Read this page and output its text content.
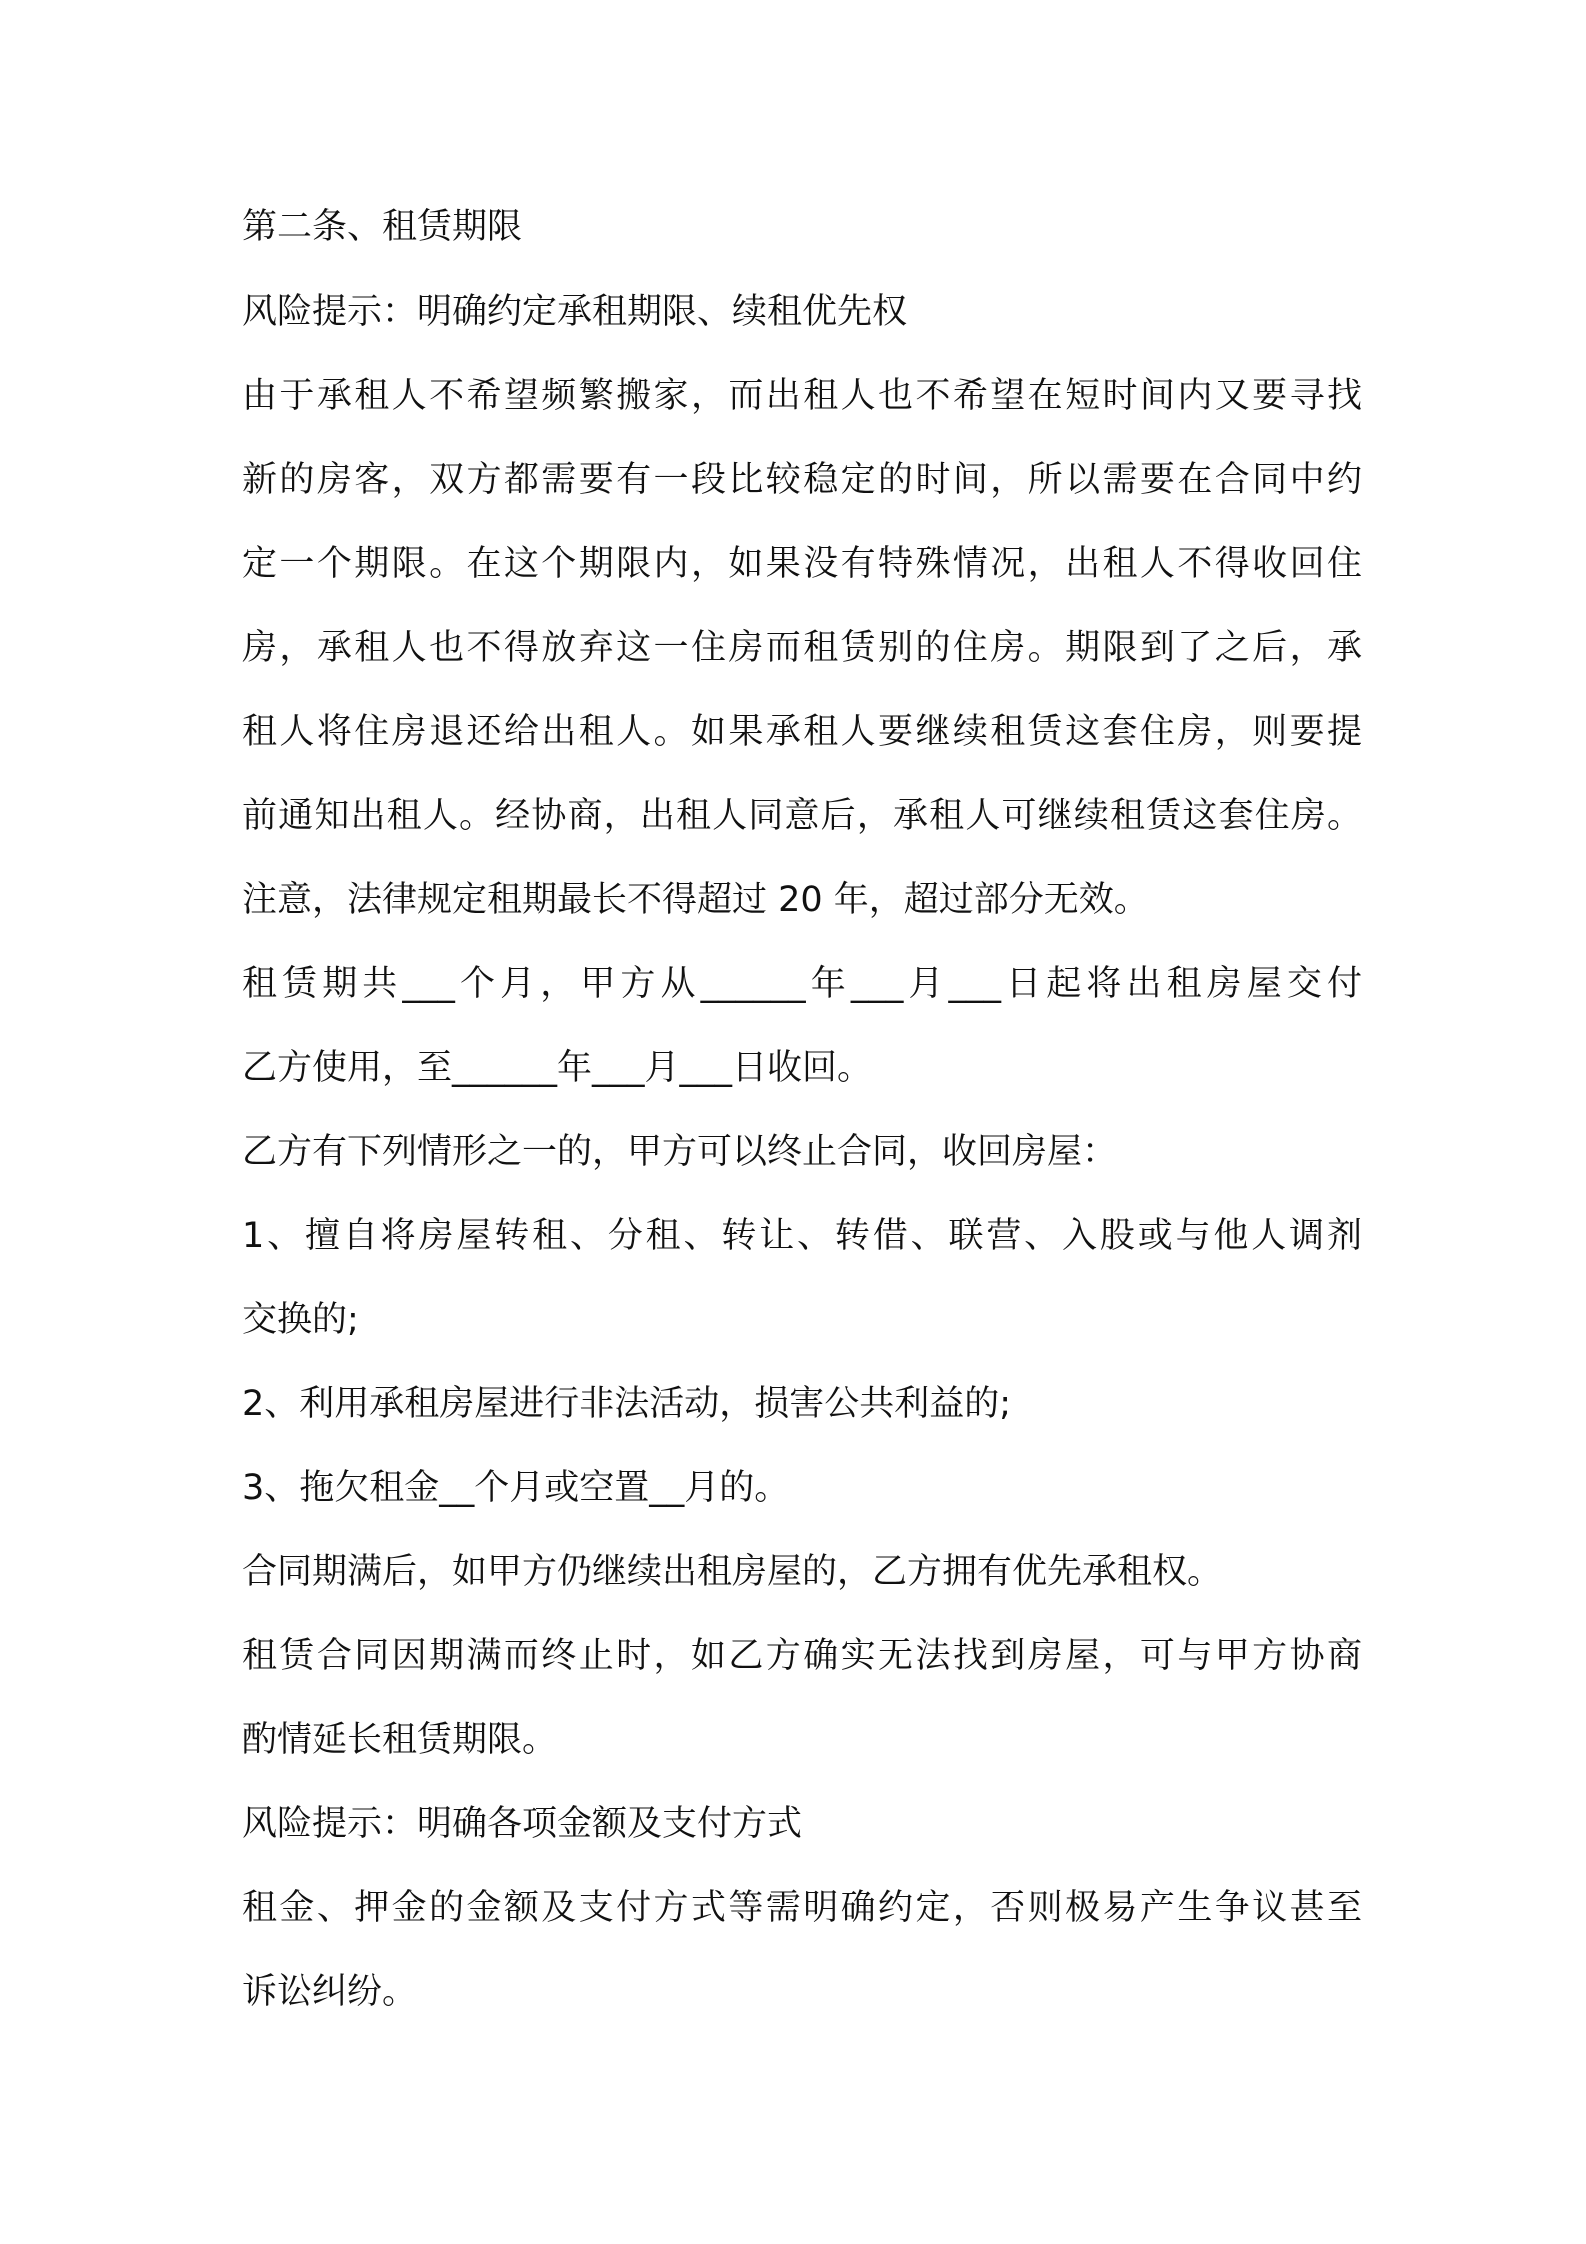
第二条、租赁期限
风险提示：明确约定承租期限、续租优先权
由于承租人不希望频繁搬家，而出租人也不希望在短时间内又要寻找
新的房客，双方都需要有一段比较稳定的时间，所以需要在合同中约
定一个期限。在这个期限内，如果没有特殊情况，出租人不得收回住
房，承租人也不得放弃这一住房而租赁别的住房。期限到了之后，承
租人将住房退还给出租人。如果承租人要继续租赁这套住房，则要提
前通知出租人。经协商，出租人同意后，承租人可继续租赁这套住房。
注意，法律规定租期最长不得超过 20 年，超过部分无效。
租赁期共___个月，甲方从______年___月___日起将出租房屋交付
乙方使用，至______年___月___日收回。
乙方有下列情形之一的，甲方可以终止合同，收回房屋：
1、擅自将房屋转租、分租、转让、转借、联营、入股或与他人调剂
交换的;
2、利用承租房屋进行非法活动，损害公共利益的;
3、拖欠租金__个月或空置__月的。
合同期满后，如甲方仍继续出租房屋的，乙方拥有优先承租权。
租赁合同因期满而终止时，如乙方确实无法找到房屋，可与甲方协商
酌情延长租赁期限。
风险提示：明确各项金额及支付方式
租金、押金的金额及支付方式等需明确约定，否则极易产生争议甚至
诉讼纠纷。
